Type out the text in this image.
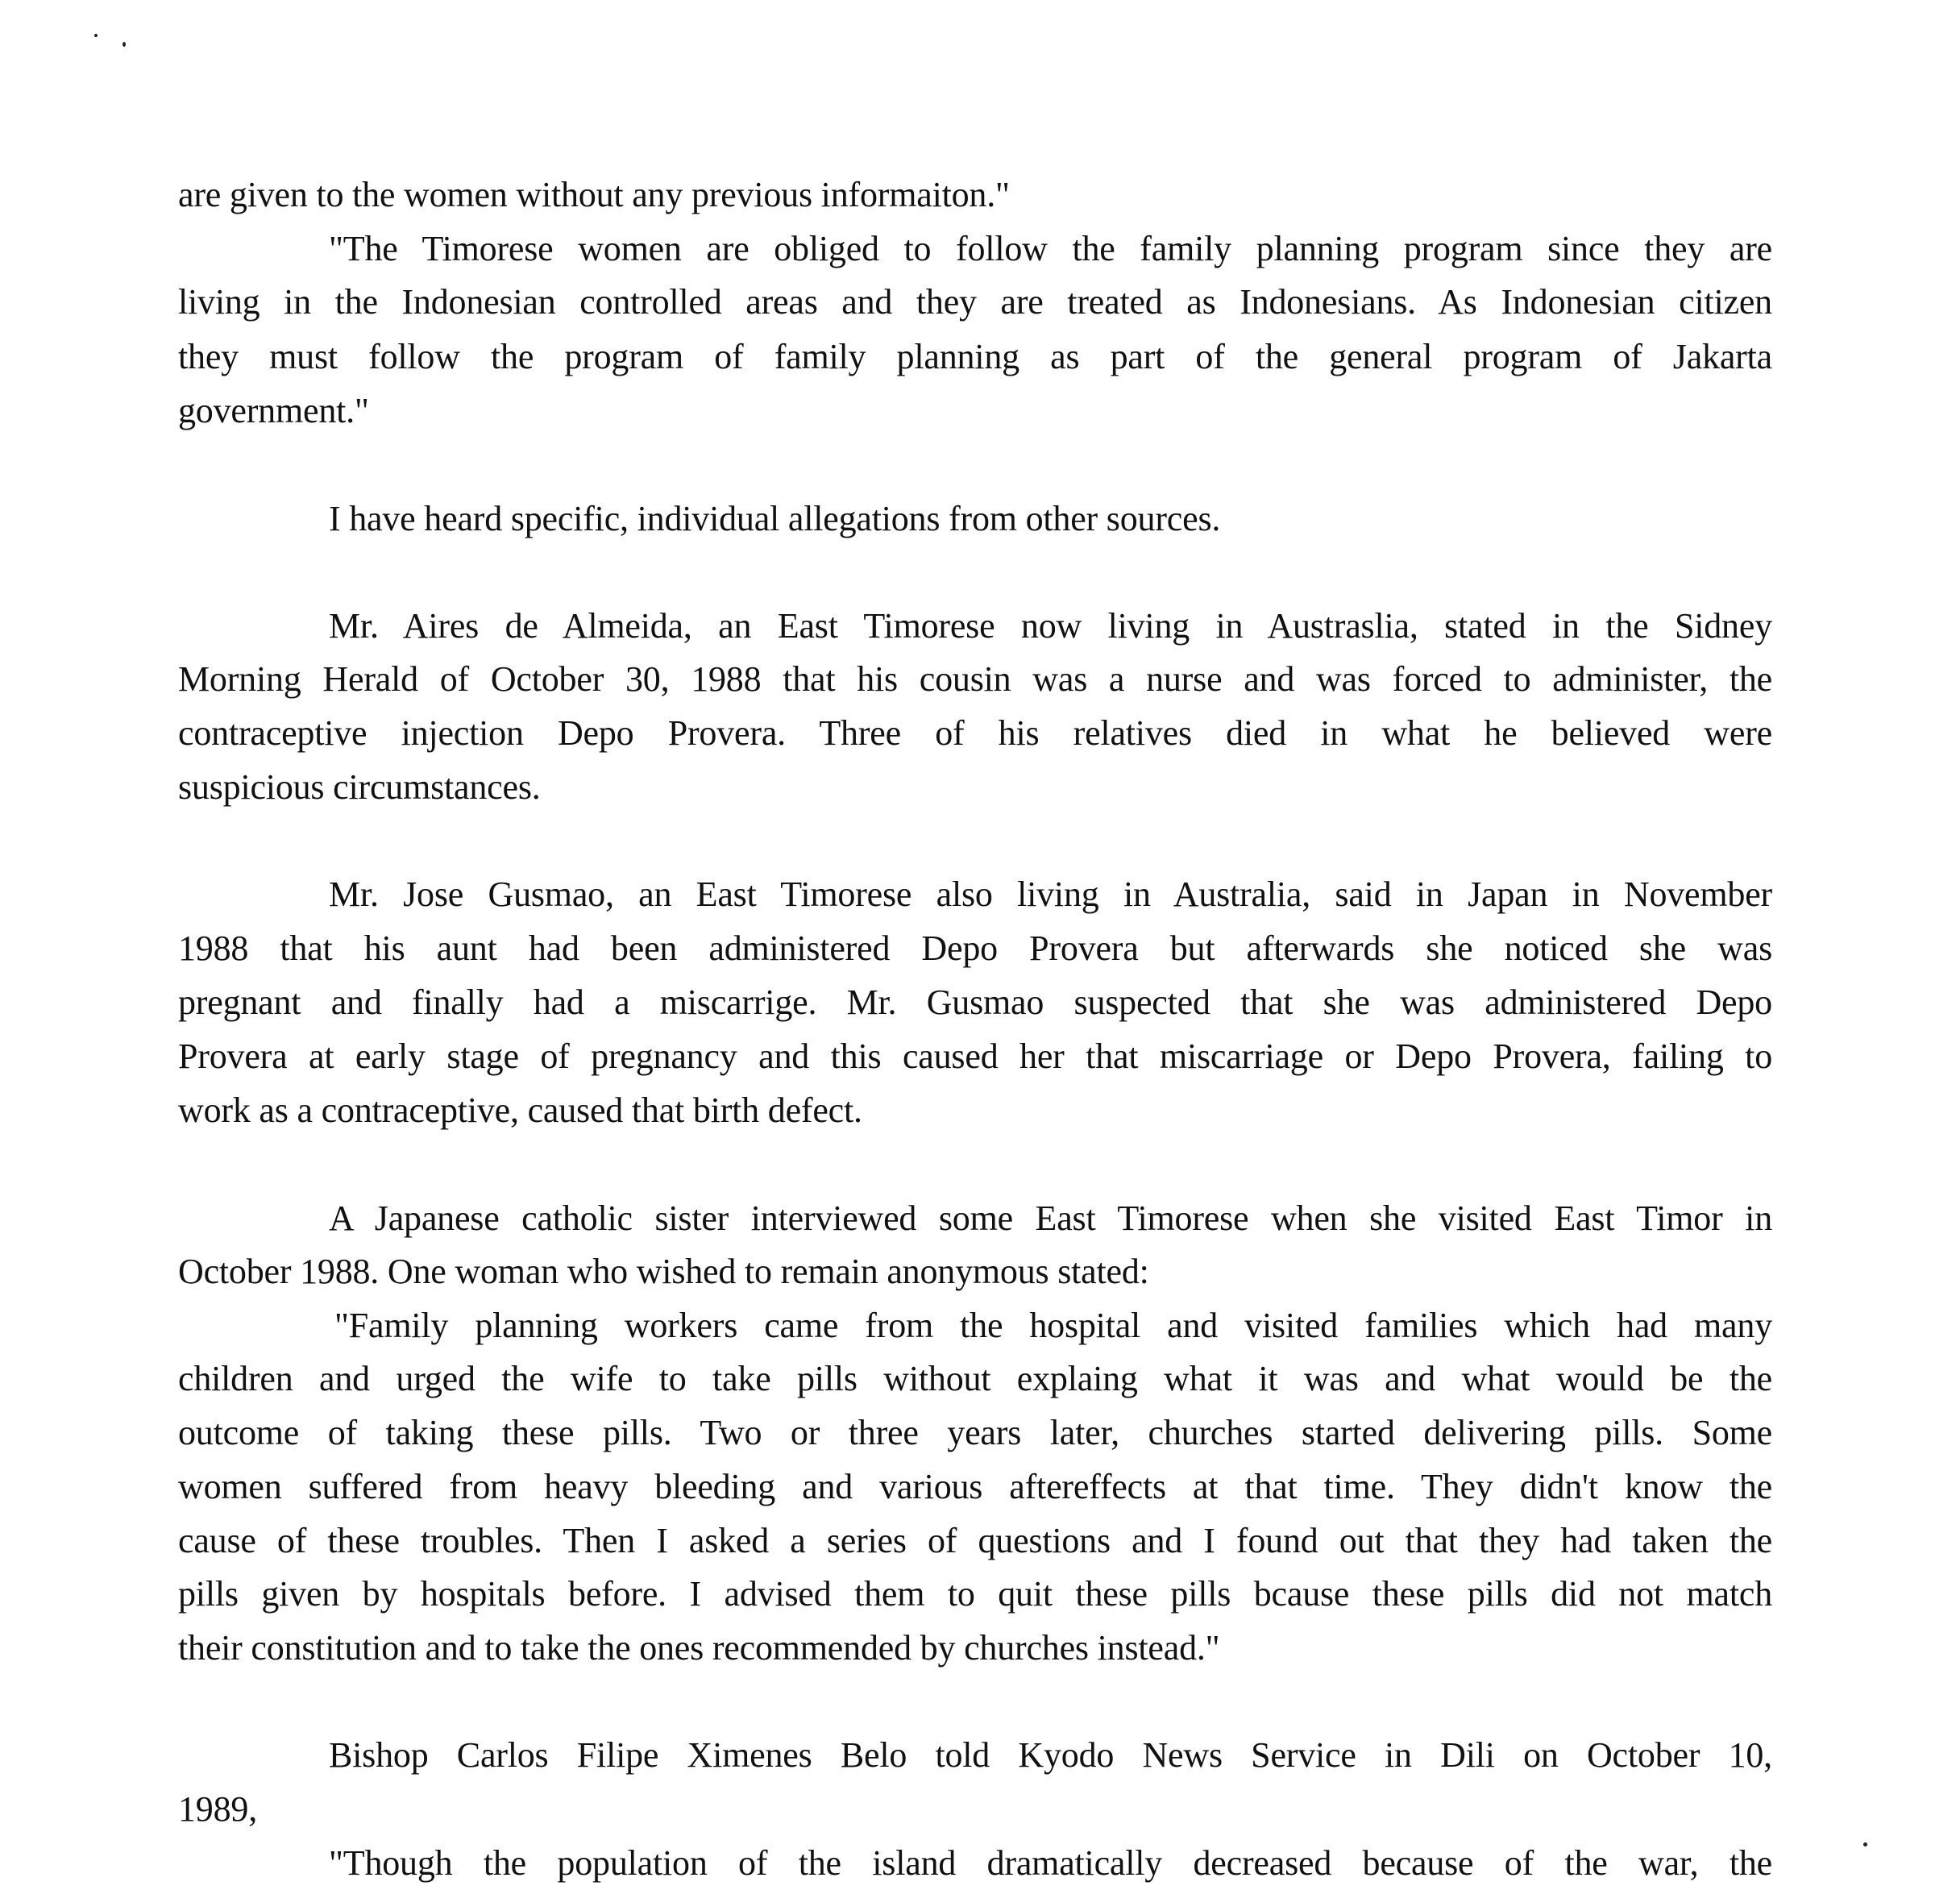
are given to the women without any previous informaiton."
"The Timorese women are obliged to follow the family planning program since they are
living in the Indonesian controlled areas and they are treated as Indonesians. As Indonesian citizen
they must follow the program of family planning as part of the general program of Jakarta
government."
I have heard specific, individual allegations from other sources.
Mr. Aires de Almeida, an East Timorese now living in Austraslia, stated in the Sidney
Morning Herald of October 30, 1988 that his cousin was a nurse and was forced to administer, the
contraceptive injection Depo Provera. Three of his relatives died in what he believed were
suspicious circumstances.
Mr. Jose Gusmao, an East Timorese also living in Australia, said in Japan in November
1988 that his aunt had been administered Depo Provera but afterwards she noticed she was
pregnant and finally had a miscarrige. Mr. Gusmao suspected that she was administered Depo
Provera at early stage of pregnancy and this caused her that miscarriage or Depo Provera, failing to
work as a contraceptive, caused that birth defect.
A Japanese catholic sister interviewed some East Timorese when she visited East Timor in
October 1988. One woman who wished to remain anonymous stated:
"Family planning workers came from the hospital and visited families which had many
children and urged the wife to take pills without explaing what it was and what would be the
outcome of taking these pills. Two or three years later, churches started delivering pills. Some
women suffered from heavy bleeding and various aftereffects at that time. They didn't know the
cause of these troubles. Then I asked a series of questions and I found out that they had taken the
pills given by hospitals before. I advised them to quit these pills bcause these pills did not match
their constitution and to take the ones recommended by churches instead."
Bishop Carlos Filipe Ximenes Belo told Kyodo News Service in Dili on October 10,
1989,
"Though the population of the island dramatically decreased because of the war, the
